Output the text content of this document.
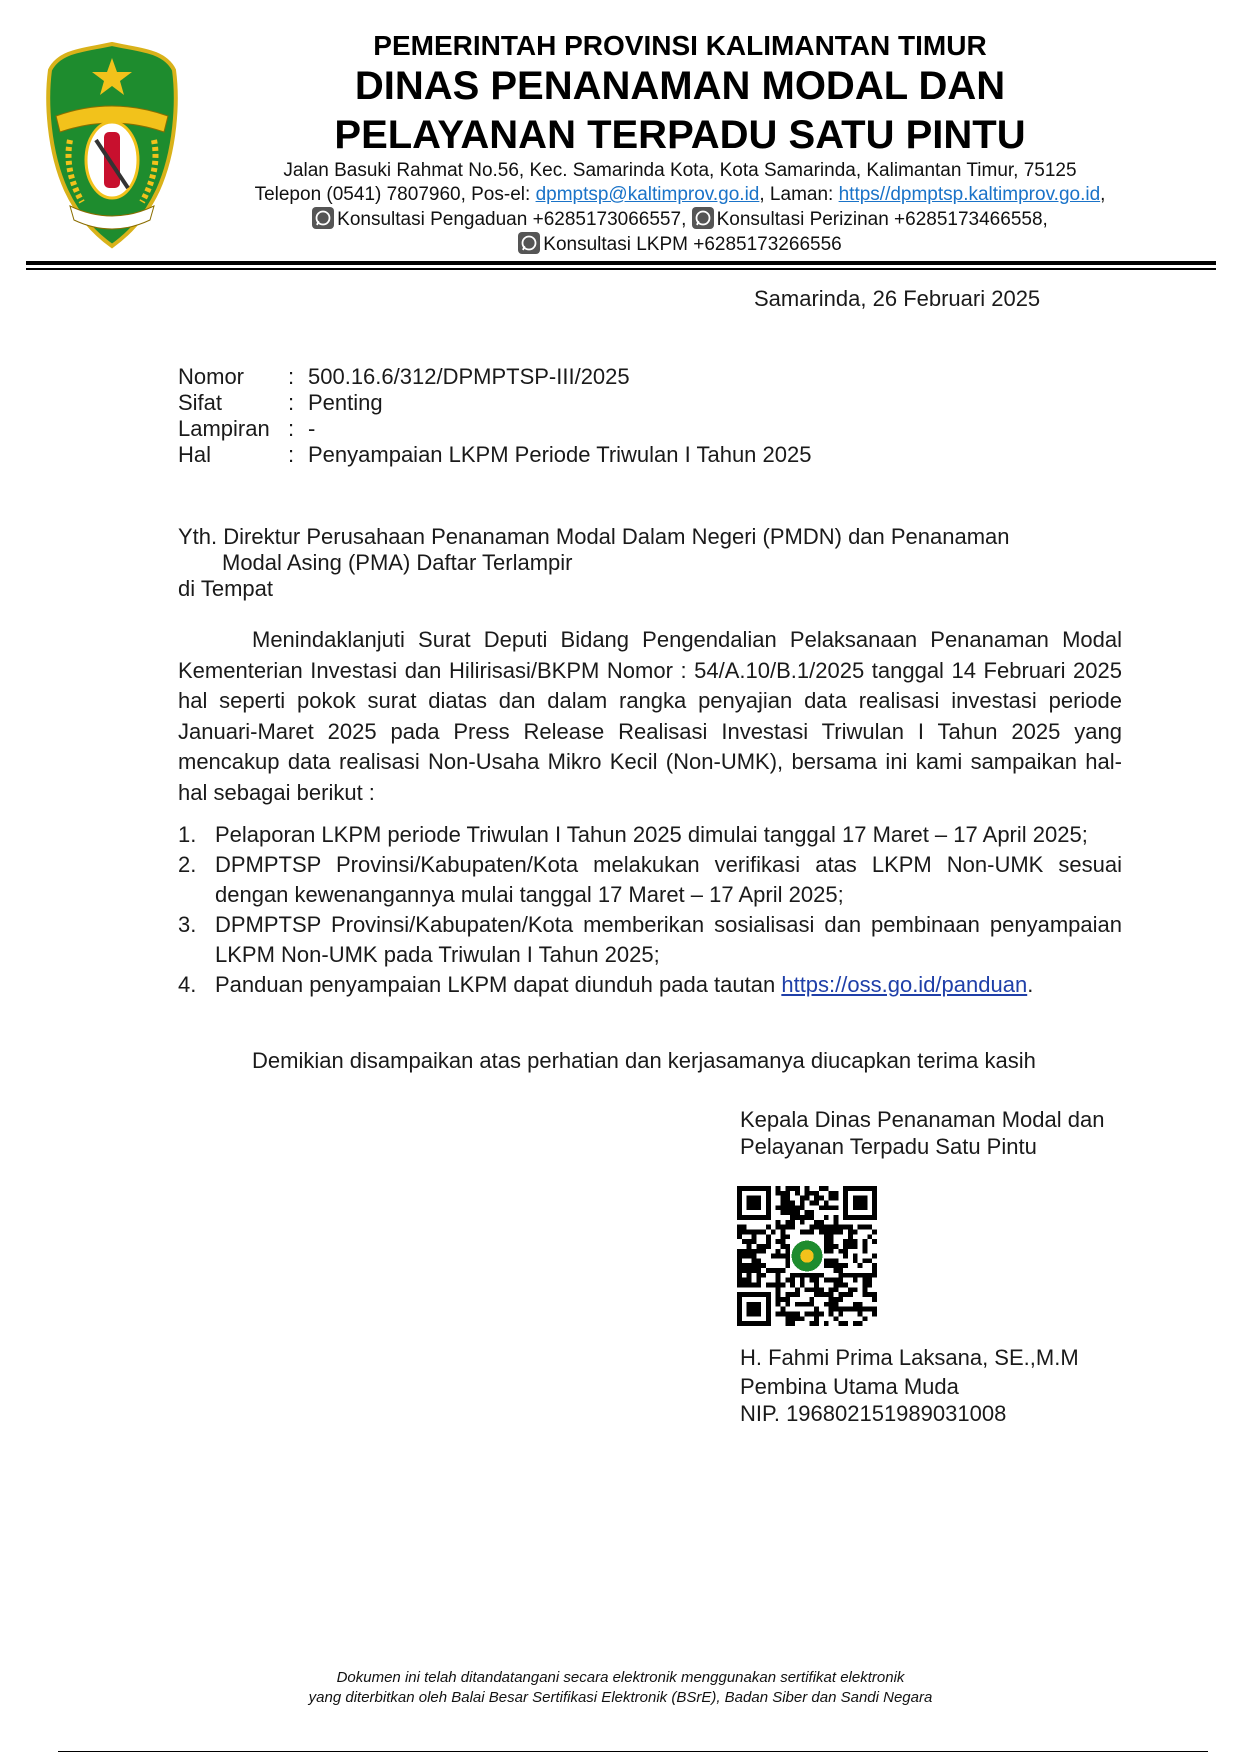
PEMERINTAH PROVINSI KALIMANTAN TIMUR
DINAS PENANAMAN MODAL DAN
PELAYANAN TERPADU SATU PINTU
Jalan Basuki Rahmat No.56, Kec. Samarinda Kota, Kota Samarinda, Kalimantan Timur, 75125
Telepon (0541) 7807960, Pos-el: dpmptsp@kaltimprov.go.id, Laman: https//dpmptsp.kaltimprov.go.id,
Konsultasi Pengaduan +6285173066557, Konsultasi Perizinan +6285173466558,
Konsultasi LKPM +6285173266556
Samarinda, 26 Februari 2025
Nomor : 500.16.6/312/DPMPTSP-III/2025
Sifat	: Penting
Lampiran : -
Hal	: Penyampaian LKPM Periode Triwulan I Tahun 2025
Yth. Direktur Perusahaan Penanaman Modal Dalam Negeri (PMDN) dan Penanaman
Modal Asing (PMA) Daftar Terlampir
di Tempat
Menindaklanjuti Surat Deputi Bidang Pengendalian Pelaksanaan Penanaman Modal Kementerian Investasi dan Hilirisasi/BKPM Nomor : 54/A.10/B.1/2025 tanggal 14 Februari 2025 hal seperti pokok surat diatas dan dalam rangka penyajian data realisasi investasi periode Januari-Maret 2025 pada Press Release Realisasi Investasi Triwulan I Tahun 2025 yang mencakup data realisasi Non-Usaha Mikro Kecil (Non-UMK), bersama ini kami sampaikan hal-hal sebagai berikut :
1. Pelaporan LKPM periode Triwulan I Tahun 2025 dimulai tanggal 17 Maret – 17 April 2025;
2. DPMPTSP Provinsi/Kabupaten/Kota melakukan verifikasi atas LKPM Non-UMK sesuai dengan kewenangannya mulai tanggal 17 Maret – 17 April 2025;
3. DPMPTSP Provinsi/Kabupaten/Kota memberikan sosialisasi dan pembinaan penyampaian LKPM Non-UMK pada Triwulan I Tahun 2025;
4. Panduan penyampaian LKPM dapat diunduh pada tautan https://oss.go.id/panduan.
Demikian disampaikan atas perhatian dan kerjasamanya diucapkan terima kasih
Kepala Dinas Penanaman Modal dan
Pelayanan Terpadu Satu Pintu
H. Fahmi Prima Laksana, SE.,M.M
Pembina Utama Muda
NIP. 196802151989031008
Dokumen ini telah ditandatangani secara elektronik menggunakan sertifikat elektronik
yang diterbitkan oleh Balai Besar Sertifikasi Elektronik (BSrE), Badan Siber dan Sandi Negara
